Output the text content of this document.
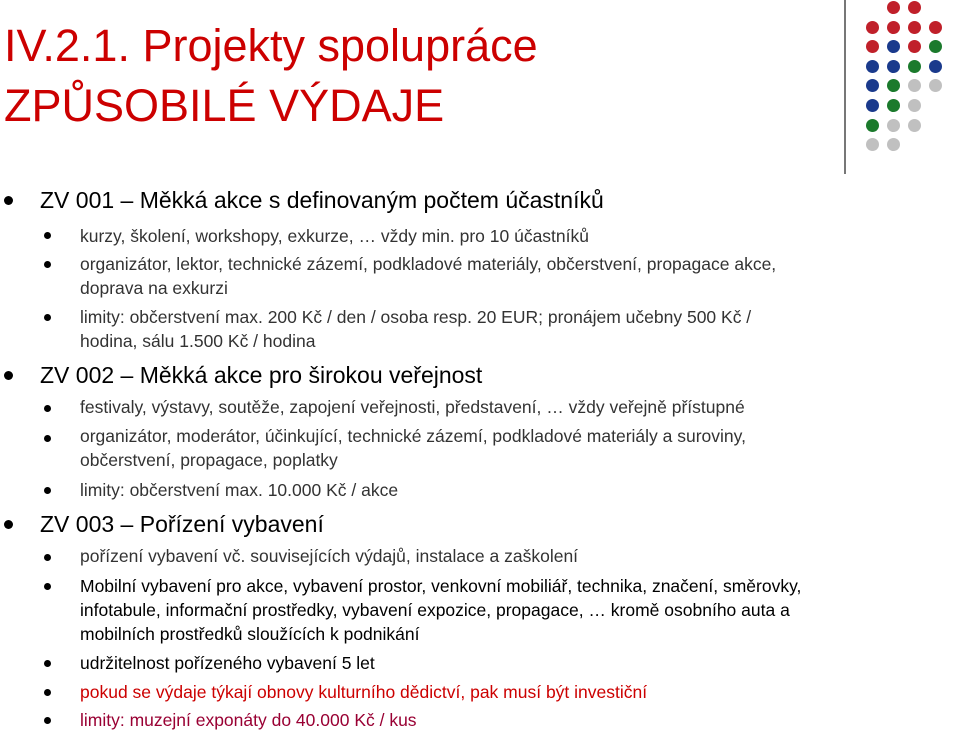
IV.2.1. Projekty spolupráce
ZPŮSOBILÉ VÝDAJE
ZV 001 – Měkká akce s definovaným počtem účastníků
kurzy, školení, workshopy, exkurze, … vždy min. pro 10 účastníků
organizátor, lektor, technické zázemí, podkladové materiály, občerstvení, propagace akce,
doprava na exkurzi
limity: občerstvení max. 200 Kč / den / osoba resp. 20 EUR; pronájem učebny 500 Kč /
hodina, sálu 1.500 Kč / hodina
ZV 002 – Měkká akce pro širokou veřejnost
festivaly, výstavy, soutěže, zapojení veřejnosti, představení, … vždy veřejně přístupné
organizátor, moderátor, účinkující, technické zázemí, podkladové materiály a suroviny,
občerstvení, propagace, poplatky
limity: občerstvení max. 10.000 Kč / akce
ZV 003 – Pořízení vybavení
pořízení vybavení vč. souvisejících výdajů, instalace a zaškolení
Mobilní vybavení pro akce, vybavení prostor, venkovní mobiliář, technika, značení, směrovky,
infotabule, informační prostředky, vybavení expozice, propagace, … kromě osobního auta a
mobilních prostředků sloužících k podnikání
udržitelnost pořízeného vybavení 5 let
pokud se výdaje týkají obnovy kulturního dědictví, pak musí být investiční
limity: muzejní exponáty do 40.000 Kč / kus
